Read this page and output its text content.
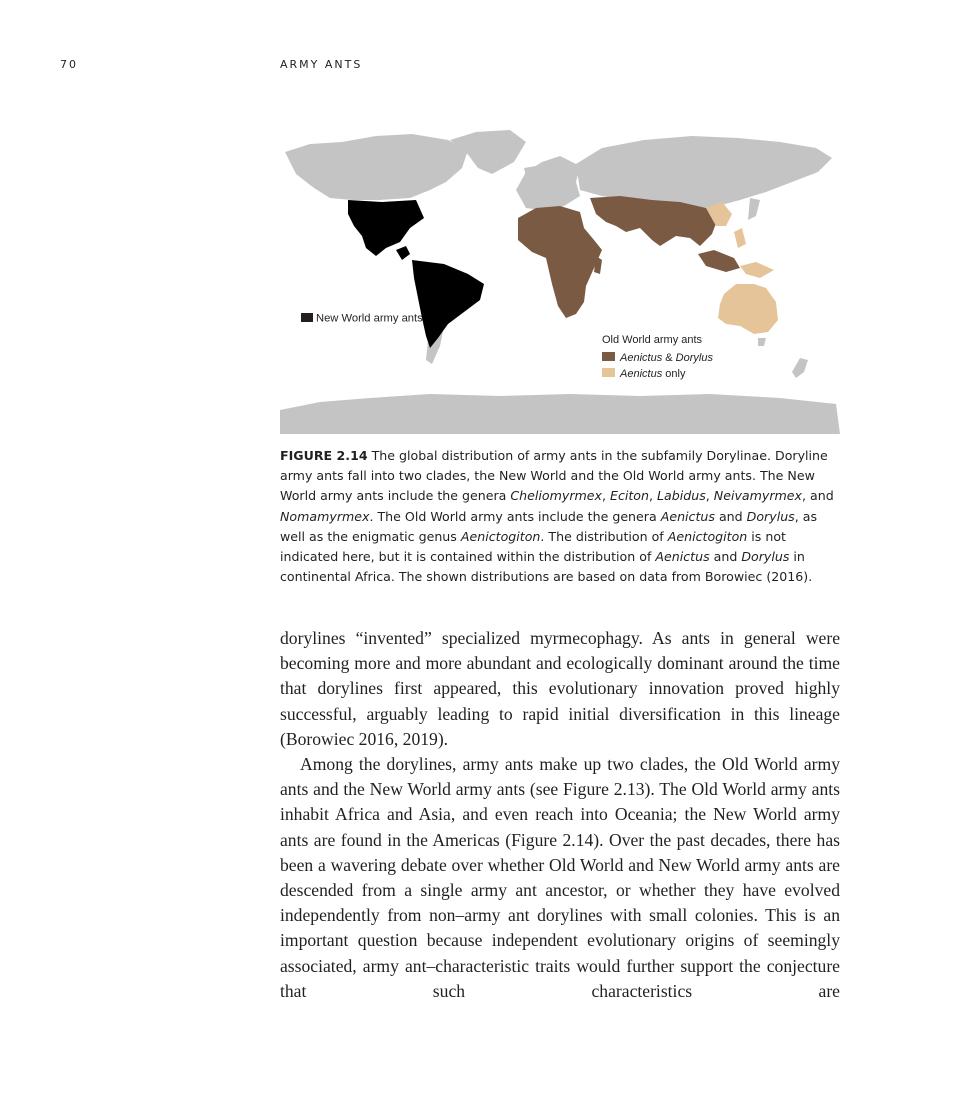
70	ARMY ANTS
New World army ants
Old World army ants
Aenictus & Dorylus
Aenictus only

FIGURE 2.14 The global distribution of army ants in the subfamily Dorylinae. Doryline army ants fall into two clades, the New World and the Old World army ants. The New World army ants include the genera Cheliomyrmex, Eciton, Labidus, Neivamyrmex, and Nomamyrmex. The Old World army ants include the genera Aenictus and Dorylus, as well as the enigmatic genus Aenictogiton. The distribution of Aenictogiton is not indicated here, but it is contained within the distribution of Aenictus and Dorylus in continental Africa. The shown distributions are based on data from Borowiec (2016).

dorylines “invented” specialized myrmecophagy. As ants in general were becoming more and more abundant and ecologically dominant around the time that dorylines first appeared, this evolutionary innovation proved highly successful, arguably leading to rapid initial diversification in this lineage (Borowiec 2016, 2019).

Among the dorylines, army ants make up two clades, the Old World army ants and the New World army ants (see Figure 2.13). The Old World army ants inhabit Africa and Asia, and even reach into Oceania; the New World army ants are found in the Americas (Figure 2.14). Over the past decades, there has been a wavering debate over whether Old World and New World army ants are descended from a single army ant ancestor, or whether they have evolved independently from non–army ant dorylines with small colonies. This is an important question because independent evolutionary origins of seemingly associated, army ant–characteristic traits would further support the conjecture that such characteristics are
